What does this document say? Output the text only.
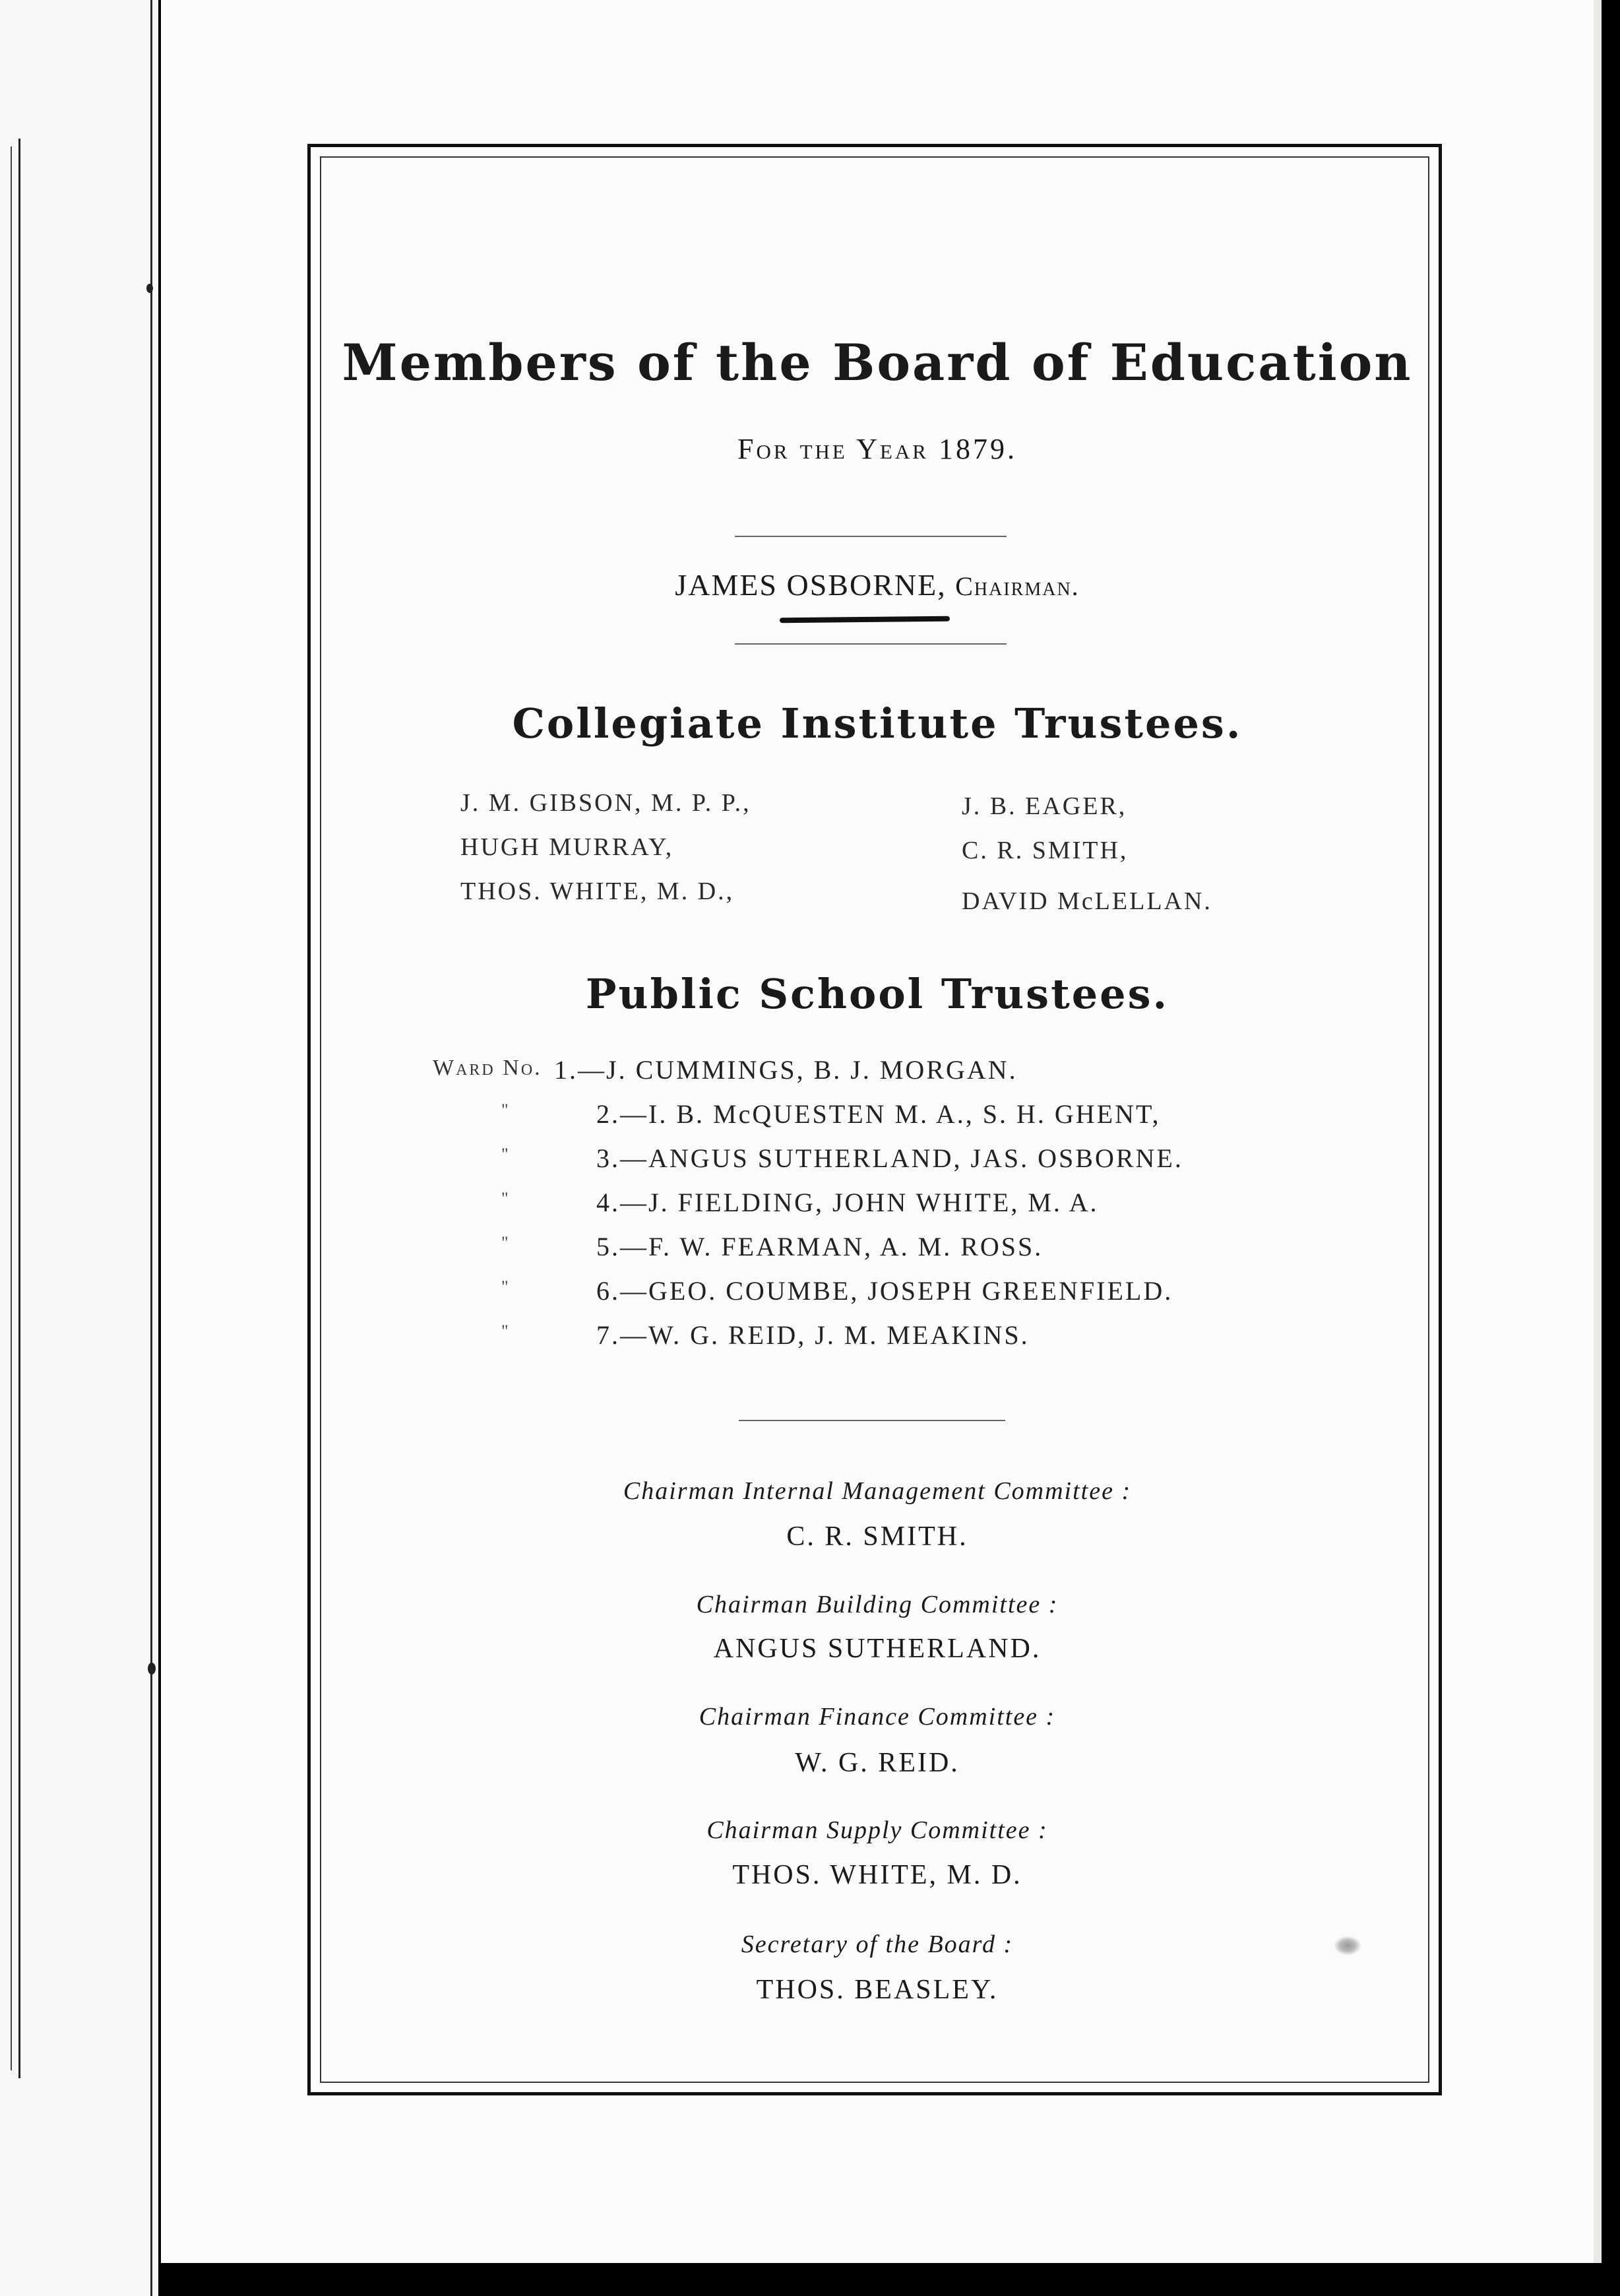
Members of the Board of Education
For the Year 1879.
JAMES OSBORNE, Chairman.
Collegiate Institute Trustees.
J. M. GIBSON, M. P. P.,
HUGH MURRAY,
THOS. WHITE, M. D.,
J. B. EAGER,
C. R. SMITH,
DAVID McLELLAN.
Public School Trustees.
Ward No.
"
"
"
"
"
"
1.—J. CUMMINGS, B. J. MORGAN.
2.—I. B. McQUESTEN M. A., S. H. GHENT,
3.—ANGUS SUTHERLAND, JAS. OSBORNE.
4.—J. FIELDING, JOHN WHITE, M. A.
5.—F. W. FEARMAN, A. M. ROSS.
6.—GEO. COUMBE, JOSEPH GREENFIELD.
7.—W. G. REID, J. M. MEAKINS.
Chairman Internal Management Committee :
C. R. SMITH.
Chairman Building Committee :
ANGUS SUTHERLAND.
Chairman Finance Committee :
W. G. REID.
Chairman Supply Committee :
THOS. WHITE, M. D.
Secretary of the Board :
THOS. BEASLEY.
